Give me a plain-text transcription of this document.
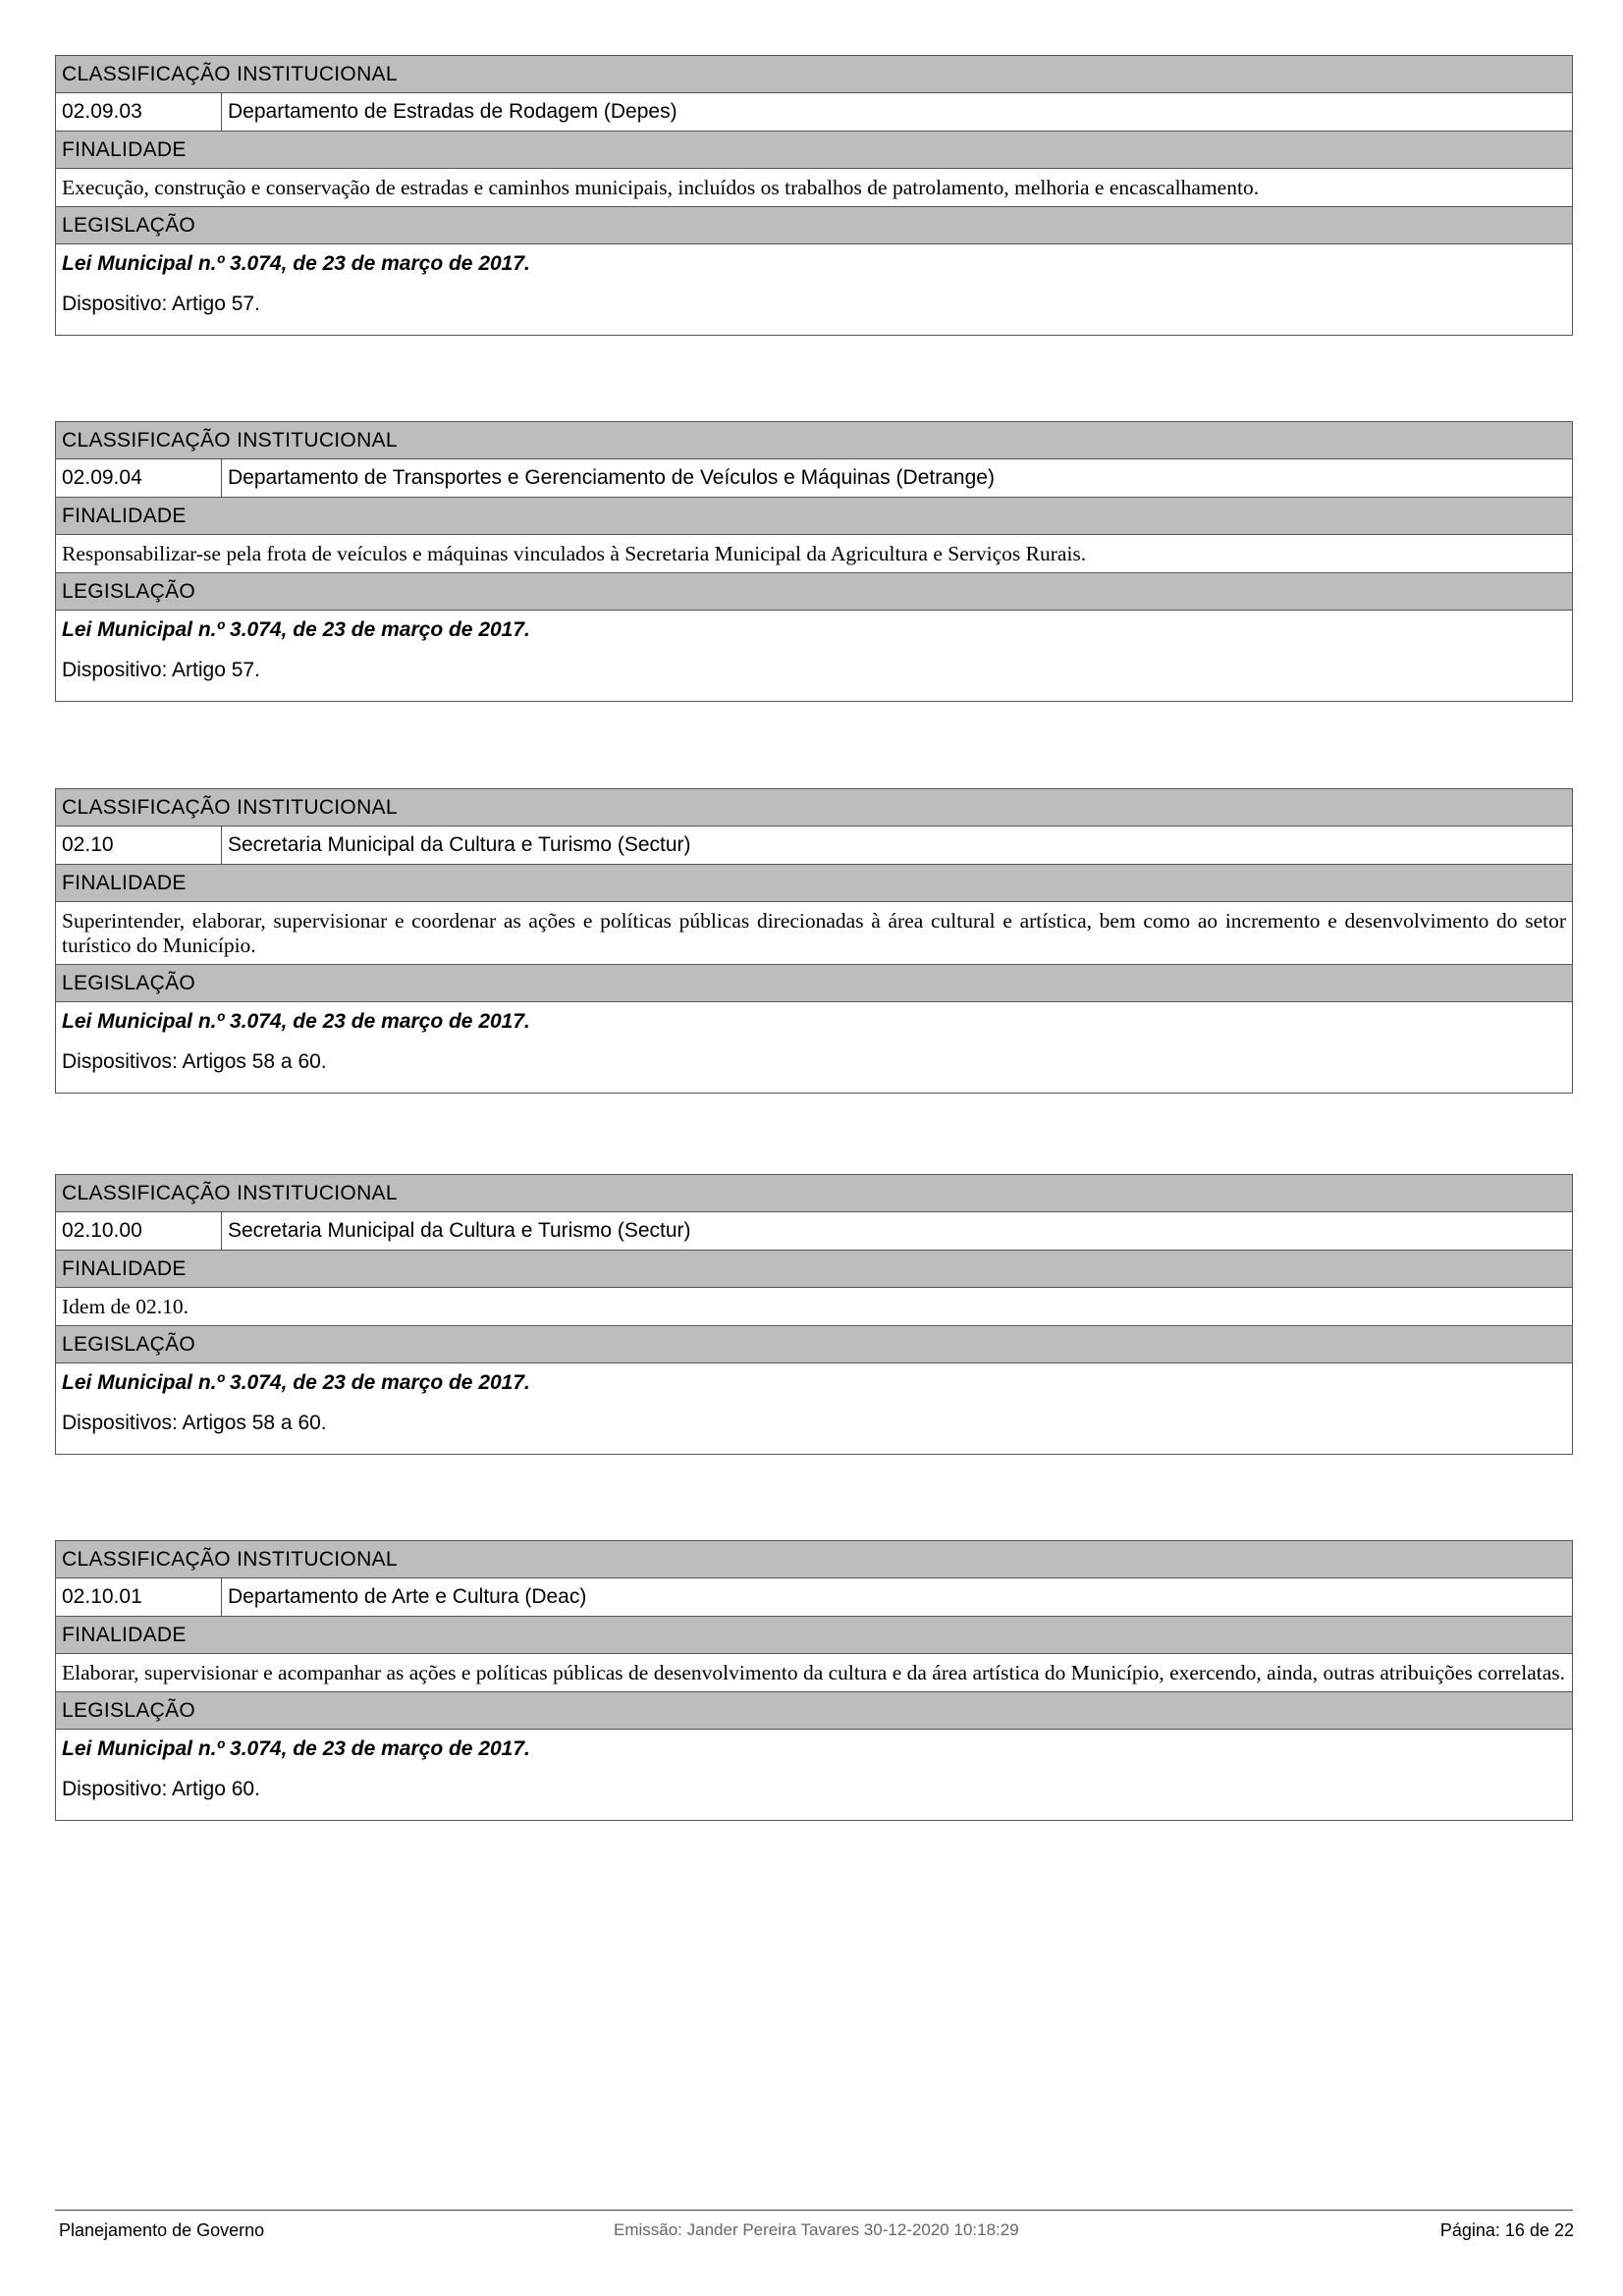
CLASSIFICAÇÃO INSTITUCIONAL
02.09.03	Departamento de Estradas de Rodagem (Depes)
FINALIDADE
Execução, construção e conservação de estradas e caminhos municipais, incluídos os trabalhos de patrolamento, melhoria e encascalhamento.
LEGISLAÇÃO
Lei Municipal n.º 3.074, de 23 de março de 2017.
Dispositivo: Artigo 57.
CLASSIFICAÇÃO INSTITUCIONAL
02.09.04	Departamento de Transportes e Gerenciamento de Veículos e Máquinas (Detrange)
FINALIDADE
Responsabilizar-se pela frota de veículos e máquinas vinculados à Secretaria Municipal da Agricultura e Serviços Rurais.
LEGISLAÇÃO
Lei Municipal n.º 3.074, de 23 de março de 2017.
Dispositivo: Artigo 57.
CLASSIFICAÇÃO INSTITUCIONAL
02.10	Secretaria Municipal da Cultura e Turismo (Sectur)
FINALIDADE
Superintender, elaborar, supervisionar e coordenar as ações e políticas públicas direcionadas à área cultural e artística, bem como ao incremento e desenvolvimento do setor turístico do Município.
LEGISLAÇÃO
Lei Municipal n.º 3.074, de 23 de março de 2017.
Dispositivos: Artigos 58 a 60.
CLASSIFICAÇÃO INSTITUCIONAL
02.10.00	Secretaria Municipal da Cultura e Turismo (Sectur)
FINALIDADE
Idem de 02.10.
LEGISLAÇÃO
Lei Municipal n.º 3.074, de 23 de março de 2017.
Dispositivos: Artigos 58 a 60.
CLASSIFICAÇÃO INSTITUCIONAL
02.10.01	Departamento de Arte e Cultura (Deac)
FINALIDADE
Elaborar, supervisionar e acompanhar as ações e políticas públicas de desenvolvimento da cultura e da área artística do Município, exercendo, ainda, outras atribuições correlatas.
LEGISLAÇÃO
Lei Municipal n.º 3.074, de 23 de março de 2017.
Dispositivo: Artigo 60.
Planejamento de Governo	Emissão: Jander Pereira Tavares 30-12-2020 10:18:29	Página: 16 de 22
